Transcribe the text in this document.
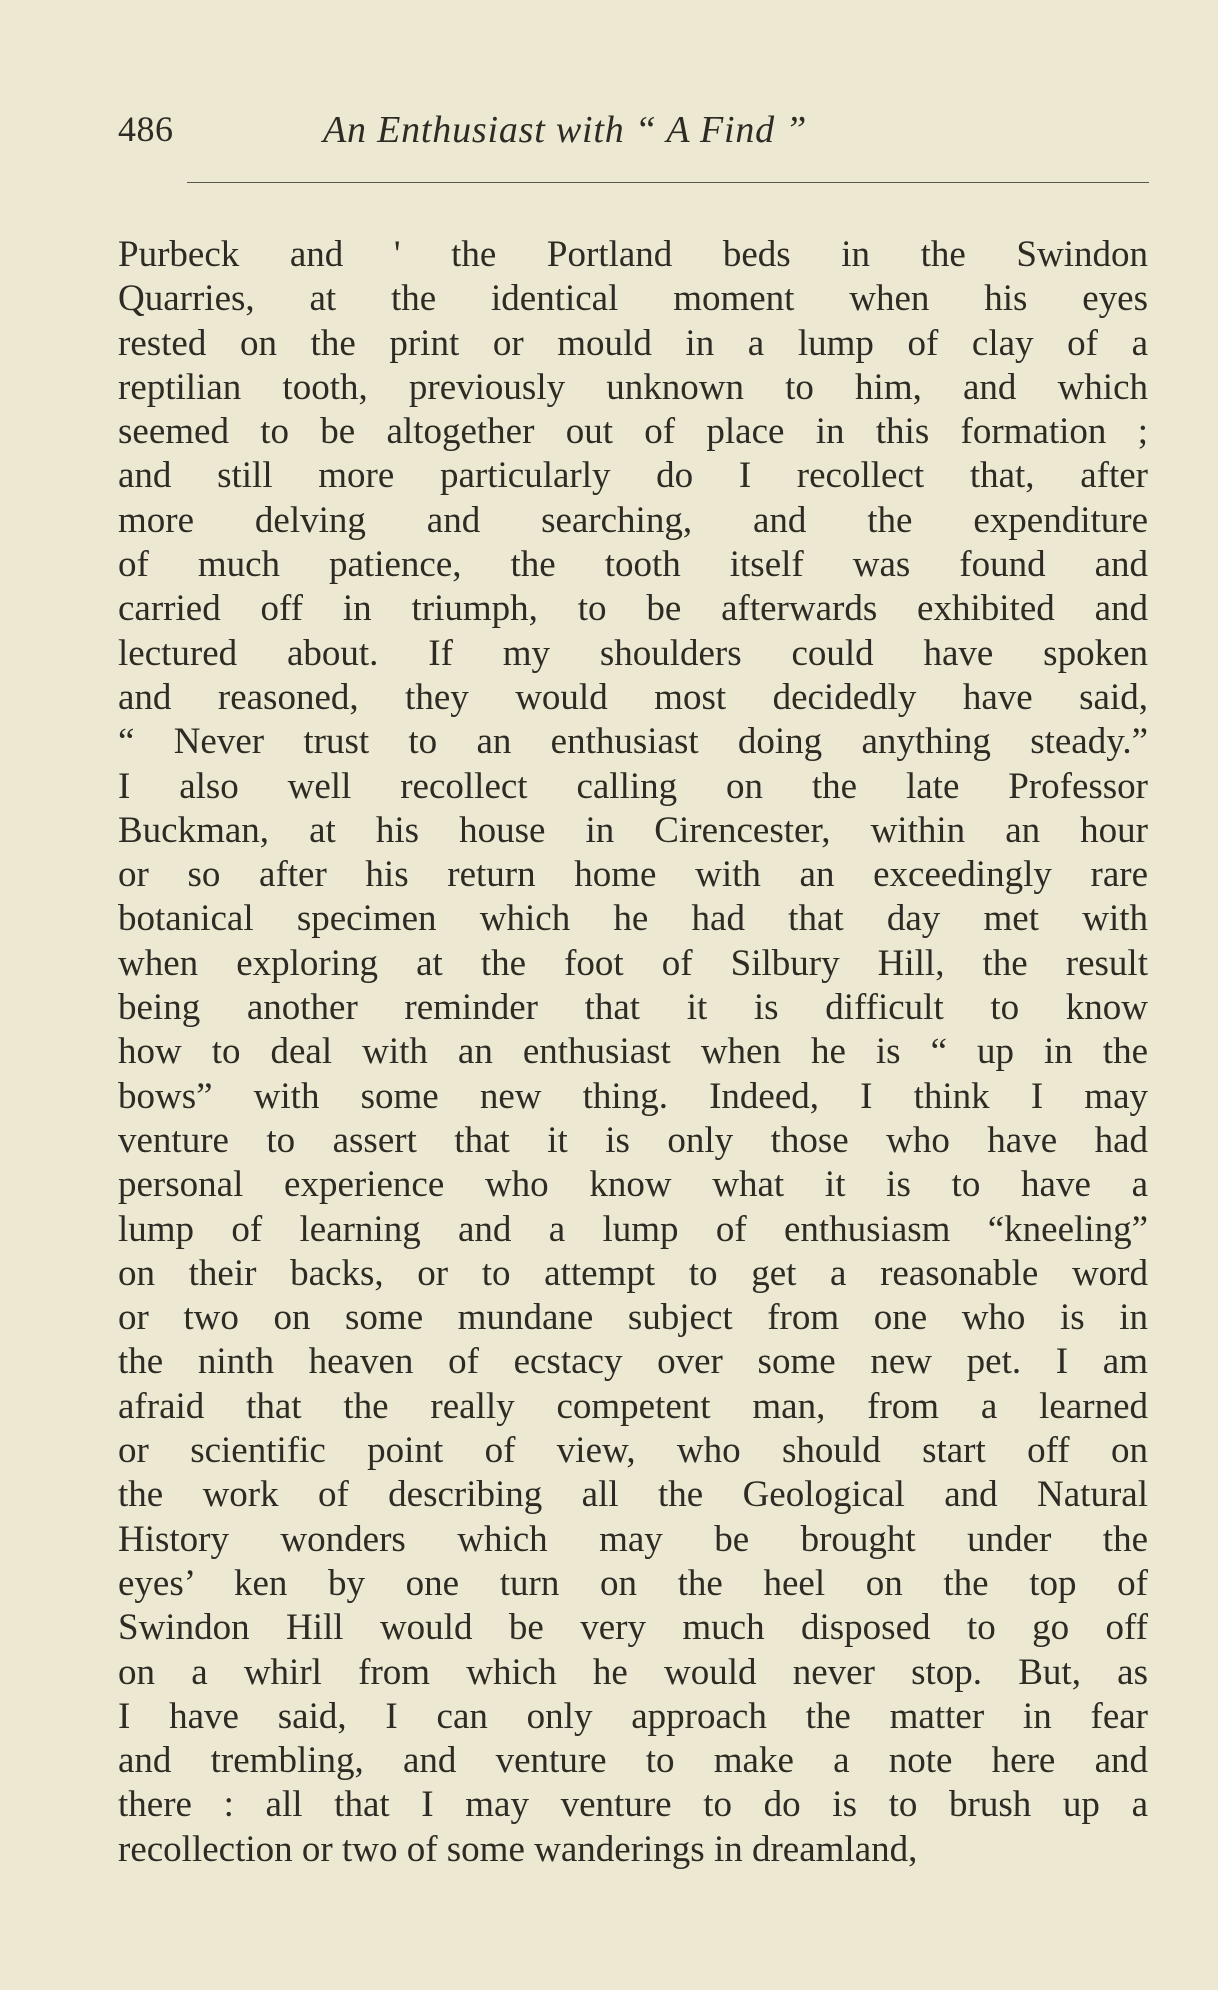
486	An Enthusiast with “ A Find ”
Purbeck and ' the Portland beds in the Swindon
Quarries, at the identical moment when his eyes
rested on the print or mould in a lump of clay of a
reptilian tooth, previously unknown to him, and which
seemed to be altogether out of place in this formation ;
and still more particularly do I recollect that, after
more delving and searching, and the expenditure
of much patience, the tooth itself was found and
carried off in triumph, to be afterwards exhibited and
lectured about. If my shoulders could have spoken
and reasoned, they would most decidedly have said,
“ Never trust to an enthusiast doing anything steady.”
I also well recollect calling on the late Professor
Buckman, at his house in Cirencester, within an hour
or so after his return home with an exceedingly rare
botanical specimen which he had that day met with
when exploring at the foot of Silbury Hill, the result
being another reminder that it is difficult to know
how to deal with an enthusiast when he is “ up in the
bows” with some new thing. Indeed, I think I may
venture to assert that it is only those who have had
personal experience who know what it is to have a
lump of learning and a lump of enthusiasm “kneeling”
on their backs, or to attempt to get a reasonable word
or two on some mundane subject from one who is in
the ninth heaven of ecstacy over some new pet. I am
afraid that the really competent man, from a learned
or scientific point of view, who should start off on
the work of describing all the Geological and Natural
History wonders which may be brought under the
eyes’ ken by one turn on the heel on the top of
Swindon Hill would be very much disposed to go off
on a whirl from which he would never stop. But, as
I have said, I can only approach the matter in fear
and trembling, and venture to make a note here and
there : all that I may venture to do is to brush up a
recollection or two of some wanderings in dreamland,
